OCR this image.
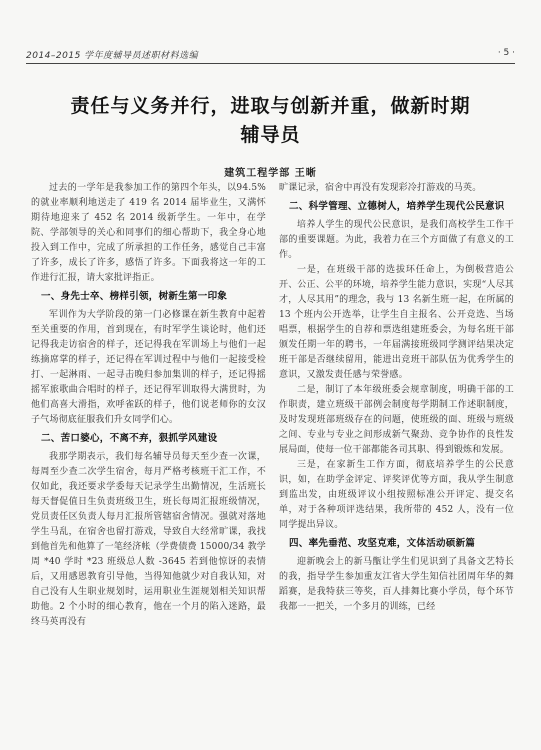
2014–2015 学年度辅导员述职材料选编	· 5 ·
责任与义务并行，进取与创新并重，做新时期
辅导员
建筑工程学部 王晰

过去的一学年是我参加工作的第四个年头，以94.5% 的就业率顺利地送走了 419 名 2014 届毕业生，又满怀期待地迎来了 452 名 2014 级新学生。一年中，在学院、学部领导的关心和同事们的细心帮助下，我全身心地投入到工作中，完成了所承担的工作任务，感觉自己丰富了许多，成长了许多，感悟了许多。下面我将这一年的工作进行汇报，请大家批评指正。

一、身先士卒、榜样引领，树新生第一印象

军训作为大学阶段的第一门必修课在新生教育中起着至关重要的作用，首到现在，有时军学生谈论时，他们还记得我走访宿舍的样子，还记得我在军训场上与他们一起练摘席掌的样子，还记得在军训过程中与他们一起接受检打、一起淋雨、一起寻击晚归参加集训的样子，还记得摇摇军旅歌曲合唱时的样子，还记得军训取得大满贯时，为他们高喜大滑指，欢呼雀跃的样子，他们说老师你的女汉子气场彻底征服我们升女同学们心。

二、苦口婆心，不离不弃，狠抓学风建设

我那学期表示，我们每名辅导员每天至少查一次课，每周至少查二次学生宿舍，每月严格考核班干汇工作，不仅如此，我还要求学委每天记录学生出勤情况，生活班长每天督促值日生负责班级卫生，班长每周汇报班级情况，党员责任区负责人每月汇报所管辖宿舍情况。强就对落地学生马乱，在宿舍也留打游戏，导致自大经常旷课，我找到他首先和他算了一笔经济帐（学费债费 15000/34 教学周 *40 学时 *23 班级总人数 -3645 若到他惊讶的表情后，又用感恩教育引导他，当得知他就少对自我认知，对自己没有人生职业规划时，运用职业生涯规划相关知识帮助他。2 个小时的细心教育，他在一个月的陷入迷路，最终马英再没有

旷课记录，宿舍中再没有发现彩冷打游戏的马英。

二、科学管理、立德树人，培养学生现代公民意识

培养人学生的现代公民意识，是我们高校学生工作干部的重要课题。为此，我着力在三个方面做了有意义的工作。

一是，在班级干部的选拔环任命上，为倒极营造公开、公正、公平的环境，培养学生能力意识，实现“人尽其才，人尽其用”的理念，我与 13 名新生班一起，在所属的 13 个班内公开选举，让学生自主报名、公开竞选、当场唱票，根据学生的自荐和票选组建班委会，为每名班干部颁发任期一年的聘书，一年届满接班级同学测评结果决定班干部是否继续留用，能进出竞班干部队伍为优秀学生的意识，又激发责任感与荣誉感。

二是，制订了本年级班委会规章制度，明确干部的工作职责，建立班级干部例会制度每学期制工作述职制度，及时发现班部班级存在的问题，使班级的面、班级与班级之间、专业与专业之间形成新气聚劲、竞争协作的良性发展局面，使每一位干部都能各司其职、得到锻炼和发展。

三是，在家新生工作方面，彻底培养学生的公民意识，如，在助学金评定、评奖评优等方面，我从学生制意到监出发，由班级评议小组按照标准公开评定、提交名单，对于各种项评选结果，我所带的 452 人，没有一位同学提出异议。

四、率先垂范、攻坚克难，文体活动硕新篇

迎新晚会上的新马甑让学生们见识到了具备文艺特长的我，指导学生参加重友江省大学生知信社团周年华的舞蹈赛，是我特获三等奖，百人排舞比赛小学员，每个环节我都一一把关，一个多月的训练，已经
